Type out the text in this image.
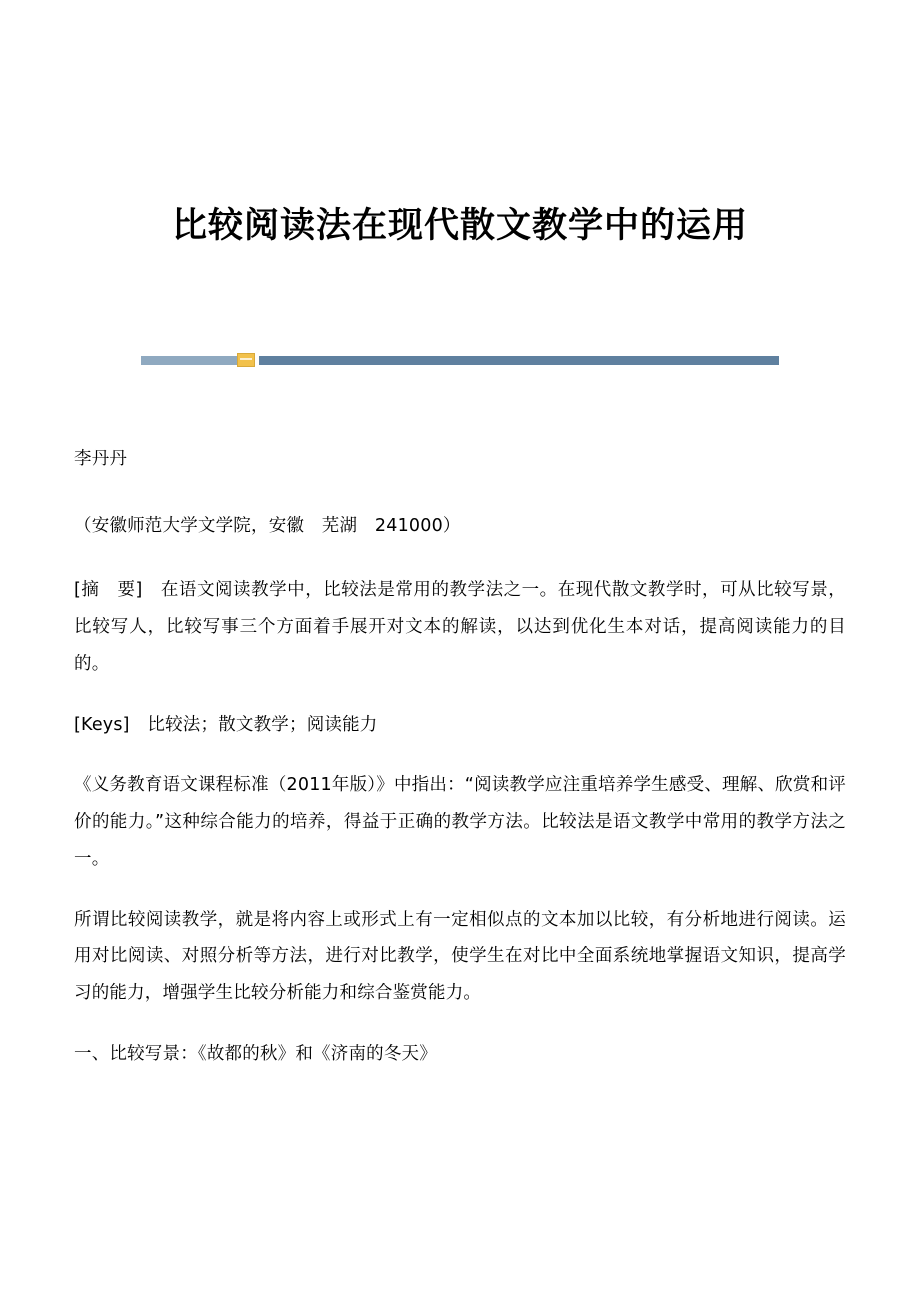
比较阅读法在现代散文教学中的运用

李丹丹

（安徽师范大学文学院，安徽　芜湖　241000）

[摘　要]　在语文阅读教学中，比较法是常用的教学法之一。在现代散文教学时，可从比较写景，比较写人，比较写事三个方面着手展开对文本的解读，以达到优化生本对话，提高阅读能力的目的。

[Keys]　比较法；散文教学；阅读能力

《义务教育语文课程标准（2011年版）》中指出：“阅读教学应注重培养学生感受、理解、欣赏和评价的能力。”这种综合能力的培养，得益于正确的教学方法。比较法是语文教学中常用的教学方法之一。

所谓比较阅读教学，就是将内容上或形式上有一定相似点的文本加以比较，有分析地进行阅读。运用对比阅读、对照分析等方法，进行对比教学，使学生在对比中全面系统地掌握语文知识，提高学习的能力，增强学生比较分析能力和综合鉴赏能力。

一、比较写景：《故都的秋》和《济南的冬天》
